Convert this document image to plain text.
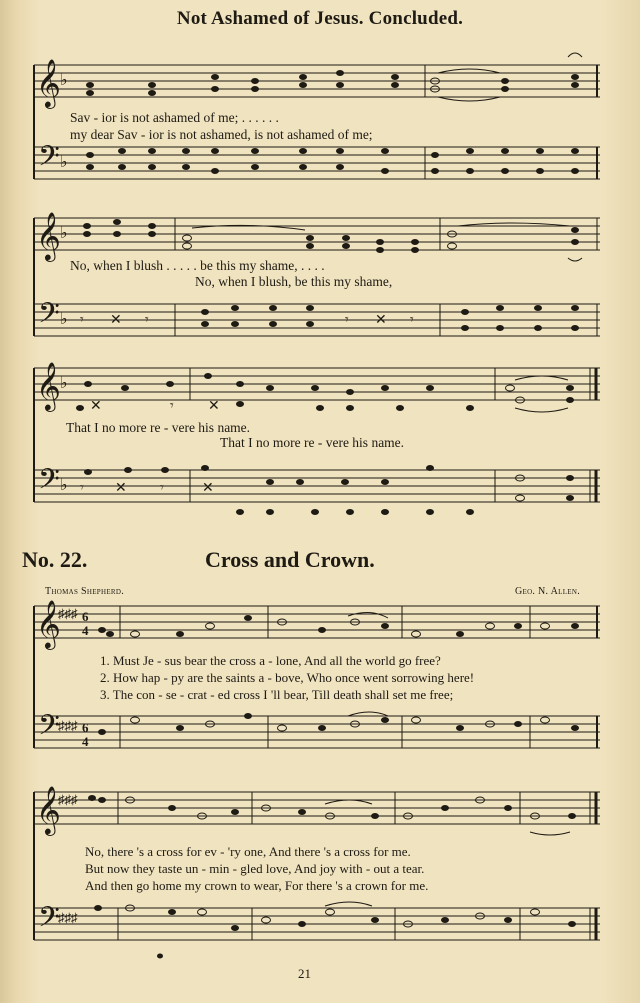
Not Ashamed of Jesus. Concluded.
𝄞
𝄢
♭
♭
Sav - ior is not ashamed of me; . . . . . .
my dear Sav - ior is not ashamed, is not ashamed of me;
𝄞
𝄢
♭
♭ 𝄾 ✕ 𝄾	𝄾 ✕ 𝄾
No, when I blush . . . . . be this my shame, . . . .
No, when I blush, be this my shame,
𝄞
𝄢
♭
♭ 𝄾 ✕ 𝄾	✕
✕	𝄾 ✕
That I no more re - vere his name.
That I no more re - vere his name.
No. 22.	Cross and Crown.
Thomas Shepherd.	Geo. N. Allen.
𝄞
𝄢
♯♯♯
♯♯♯
6
4
6
4
1. Must Je - sus bear the cross a - lone, And all the world go free?
2. How hap - py are the saints a - bove, Who once went sorrowing here!
3. The con - se - crat - ed cross I 'll bear, Till death shall set me free;
𝄞
𝄢
♯♯♯
♯♯♯
No, there 's a cross for ev - 'ry one, And there 's a cross for me.
But now they taste un - min - gled love, And joy with - out a tear.
And then go home my crown to wear, For there 's a crown for me.
21
